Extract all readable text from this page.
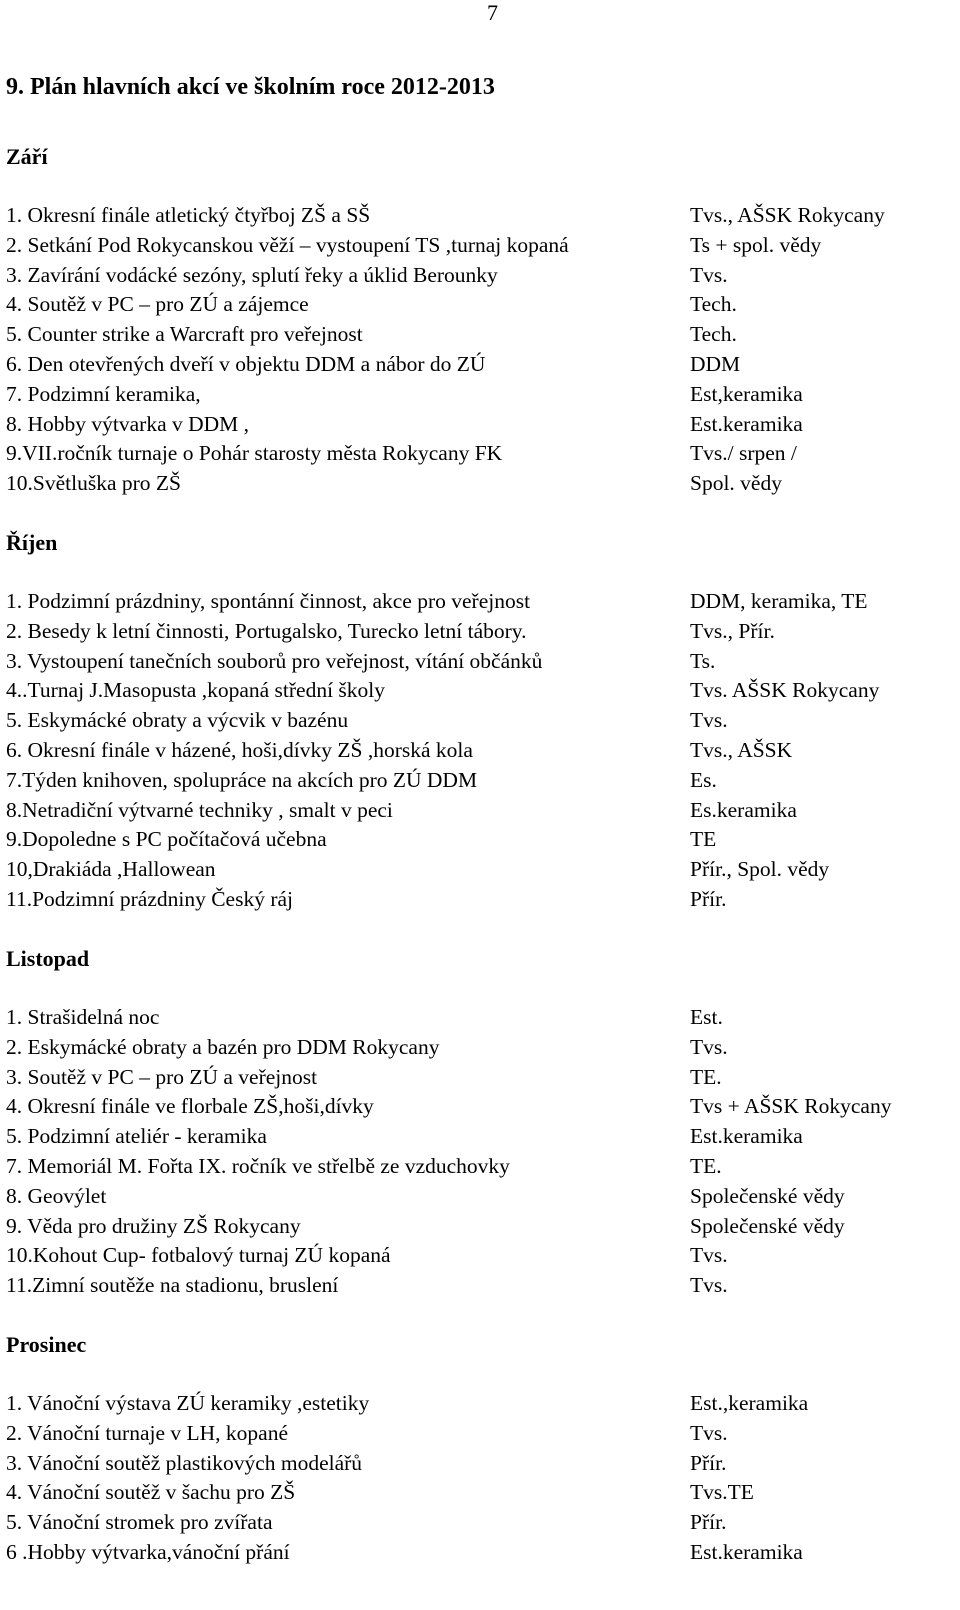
7
9. Plán hlavních akcí ve školním roce 2012-2013
Září
1. Okresní finále atletický čtyřboj ZŠ a SŠ	Tvs., AŠSK Rokycany
2. Setkání Pod Rokycanskou věží – vystoupení TS ,turnaj kopaná	Ts + spol. vědy
3. Zavírání vodácké sezóny, splutí řeky a úklid Berounky	Tvs.
4. Soutěž v PC – pro ZÚ a zájemce	Tech.
5. Counter strike a Warcraft pro veřejnost	Tech.
6. Den otevřených dveří v objektu DDM a nábor do ZÚ	DDM
7. Podzimní keramika,	Est,keramika
8. Hobby výtvarka v DDM ,	Est.keramika
9.VII.ročník turnaje o Pohár starosty města Rokycany FK	Tvs./ srpen /
10.Světluška pro ZŠ	Spol. vědy
Říjen
1. Podzimní prázdniny, spontánní činnost, akce pro veřejnost	DDM, keramika, TE
2. Besedy k letní činnosti, Portugalsko, Turecko letní tábory.	Tvs., Přír.
3. Vystoupení tanečních souborů pro veřejnost, vítání občánků	Ts.
4..Turnaj J.Masopusta ,kopaná střední školy	Tvs. AŠSK Rokycany
5. Eskymácké obraty a výcvik v bazénu	Tvs.
6. Okresní finále v házené, hoši,dívky ZŠ ,horská kola	Tvs., AŠSK
7.Týden knihoven, spolupráce na akcích pro ZÚ DDM	Es.
8.Netradiční výtvarné techniky , smalt v peci	Es.keramika
9.Dopoledne s PC počítačová učebna	TE
10,Drakiáda ,Hallowean	Přír., Spol. vědy
11.Podzimní prázdniny Český ráj	Přír.
Listopad
1. Strašidelná noc	Est.
2. Eskymácké obraty a bazén pro DDM Rokycany	Tvs.
3. Soutěž v PC – pro ZÚ a veřejnost	TE.
4. Okresní finále ve florbale ZŠ,hoši,dívky	Tvs + AŠSK Rokycany
5. Podzimní ateliér - keramika	Est.keramika
7. Memoriál M. Fořta IX. ročník ve střelbě ze vzduchovky	TE.
8. Geovýlet	Společenské vědy
9. Věda pro družiny ZŠ Rokycany	Společenské vědy
10.Kohout Cup- fotbalový turnaj ZÚ kopaná	Tvs.
11.Zimní soutěže na stadionu, bruslení	Tvs.
Prosinec
1. Vánoční výstava ZÚ keramiky ,estetiky	Est.,keramika
2. Vánoční turnaje v LH, kopané	Tvs.
3. Vánoční soutěž plastikových modelářů	Přír.
4. Vánoční soutěž v šachu pro ZŠ	Tvs.TE
5. Vánoční stromek pro zvířata	Přír.
6 .Hobby výtvarka,vánoční přání	Est.keramika
